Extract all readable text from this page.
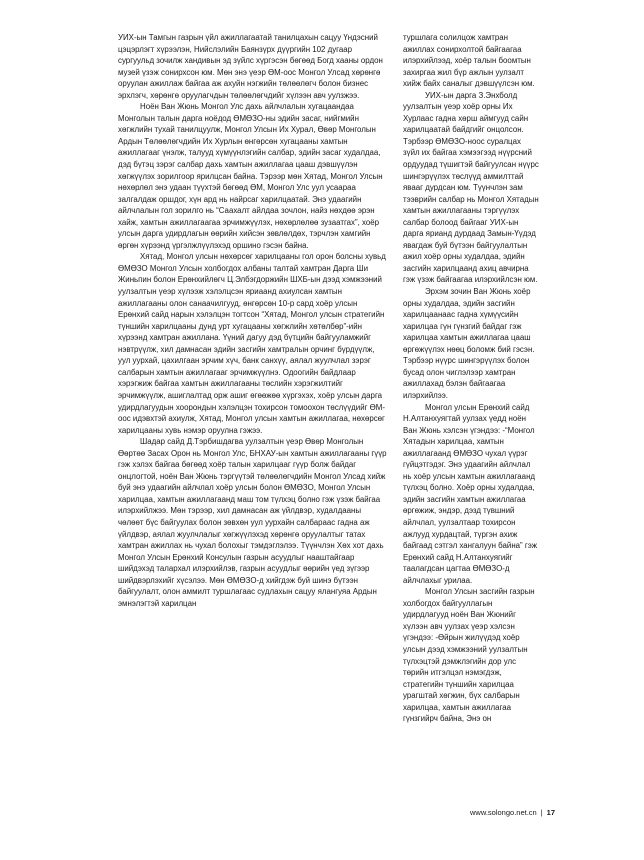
УИХ-ын Тамгын газрын үйл ажиллагаатай танилцахын сацуу Үндэсний цэцэрлэгт хүрээлэн, Нийслэлийн Баянзүрх дүүргийн 102 дугаар сургуульд зочилж хандивын эд зүйлс хүргэсэн бөгөөд Богд хааны ордон музей үзэж сонирхсон юм. Мөн энэ үеэр ӨМ-оос Монгол Улсад хөрөнгө оруулан ажиллаж байгаа аж ахуйн нэгжийн төлөөлөгч болон бизнес эрхлэгч, хөрөнгө оруулагчдын төлөөлөгчдийг хүлээн авч уулзжээ.

Ноён Ван Жюнь Монгол Улс дахь айлчлалын хугацаандаа Монголын талын дарга ноёдод ӨМӨЗО-ны эдийн засаг, нийгмийн хөгжлийн тухай танилцуулж, Монгол Улсын Их Хурал, Өвөр Монголын Ардын Төлөөлөгчдийн Их Хурлын өнгөрсөн хугацааны хамтын ажиллагааг үнэлж, талууд хүмүүнлэгийн салбар, эдийн засаг худалдаа, дэд бүтэц зэрэг салбар дахь хамтын ажиллагаа цааш дэвшүүлэн хөгжүүлэх зорилгоор ярилцсан байна. Тэрээр мөн Хятад, Монгол Улсын нөхөрлөл энэ удаан түүхтэй бөгөөд ӨМ, Монгол Улс уул усаараа залгалдаж оршдог, хүн ард нь найрсаг харилцаатай. Энэ удаагийн айлчлалын гол зорилго нь “Саахалт айлдаа зочлон, найз нөхдөө эрэн хайж, хамтын ажиллагаагаа эрчимжүүлэх, нөхөрлөлөө зузаатгах”, хоёр улсын дарга удирдлагын өөрийн хийсэн зөвлөлдөх, тэрчлэн хамгийн өргөн хүрээнд үргэлжлүүлэхэд оршино гэсэн байна.

Хятад, Монгол улсын нөхөрсөг харилцааны гол орон болсны хувьд ӨМӨЗО Монгол Улсын холбогдох албаны талтай хамтран Дарга Ши Жиньпин болон Ерөнхийлөгч Ц.Элбэгдоржийн ШХБ-ын дээд хэмжээний уулзалтын үеэр хүлээж хэлэлцсэн яриаанд ахиулсан хамтын ажиллагааны олон санаачилгууд, өнгөрсөн 10-р сард хоёр улсын Ерөнхий сайд нарын хэлэлцэн тогтсон “Хятад, Монгол улсын стратегийн түншийн харилцааны дунд урт хугацааны хөгжлийн хөтөлбөр”-ийн хүрээнд хамтран ажиллана. Үүний дагуу дэд бүтцийн байгууламжийг нэвтрүүлж, хил дамнасан эдийн засгийн хамтралын орчинг бүрдүүлж, уул уурхай, цахилгаан эрчим хүч, банк санхүү, аялал жуулчлал зэрэг салбарын хамтын ажиллагааг эрчимжүүлнэ. Одоогийн байдлаар хэрэгжиж байгаа хамтын ажиллагааны төслийн хэрэгжилтийг эрчимжүүлж, ашиглалтад орж ашиг өгөөжөө хүргэхэх, хоёр улсын дарга удирдлагуудын хоорондын хэлэлцэн тохирсон томоохон төслүүдийг ӨМ-оос идэвхтэй ахиулж, Хятад, Монгол улсын хамтын ажиллагаа, нөхөрсөг харилцааны хувь нэмэр оруулна гэжээ.

Шадар сайд Д.Тэрбишдагва уулзалтын үеэр Өвөр Монголын Өөртөө Засах Орон нь Монгол Улс, БНХАУ-ын хамтын ажиллагааны гүүр гэж хэлэх байгаа бөгөөд хоёр талын харилцааг гүүр болж байдаг онцлогтой, ноён Ван Жюнь тэргүүтэй төлөөлөгчдийн Монгол Улсад хийж буй энэ удаагийн айлчлал хоёр улсын болон ӨМӨЗО, Монгол Улсын харилцаа, хамтын ажиллагаанд маш том түлхэц болно гэж үзэж байгаа илэрхийлжээ. Мөн тэрээр, хил дамнасан аж үйлдвэр, худалдааны чөлөөт бүс байгуулах болон зөвхөн уул уурхайн салбараас гадна аж үйлдвэр, аялал жуулчлалыг хөгжүүлэхэд хөрөнгө оруулалтыг татах хамтран ажиллах нь чухал болохыг тэмдэглэлээ. Түүнчлэн Хөх хот дахь Монгол Улсын Ерөнхий Консулын газрын асуудлыг нааштайгаар шийдэхэд талархал илэрхийлэв, газрын асуудлыг өөрийн үед зүгээр шийдвэрлэхийг хүсэлээ. Мөн ӨМӨЗО-д хийгдэж буй шинэ бүтээн байгуулалт, олон аммилт туршлагаас судлахын сацуу ялангуяа Ардын эмнэлэгтэй харилцан

туршлага солилцож хамтран ажиллах сонирхолтой байгаагаа илэрхийлээд, хоёр талын боомтын захиргаа жил бүр ажлын уулзалт хийж байх саналыг дэвшүүлсэн юм.

УИХ-ын дарга З.Энхболд уулзалтын үеэр хоёр орны Их Хурлаас гадна хөрш аймгууд сайн харилцаатай байдгийг онцолсон. Тэрбээр ӨМӨЗО-ноос суралцах зүйл их байгаа хэмээгээд нүүрсний ордуудад түшигтэй байгуулсан нүүрс шингэрүүлэх төслүүд аммилттай явааг дурдсан юм. Түүнчлэн зам тээврийн салбар нь Монгол Хятадын хамтын ажиллагааны тэргүүлэх салбар болоод байгааг УИХ-ын дарга ярианд дурдаад Замын-Үүдэд явагдаж буй бүтээн байгуулалтын ажил хоёр орны худалдаа, эдийн засгийн харилцаанд ахиц авчирна гэж үзэж байгаагаа илэрхийлсэн юм.

Эрхэм зочин Ван Жюнь хоёр орны худалдаа, эдийн засгийн харилцаанаас гадна хүмүүсийн харилцаа гүн гүнзгий байдаг гэж харилцаа хамтын ажиллагаа цааш өргөжүүлэх нөөц боломж бий гэсэн. Тэрбээр нүүрс шингэрүүлэх болон бусад олон чиглэлээр хамтран ажиллахад бэлэн байгаагаа илэрхийлээ.

Монгол улсын Ерөнхий сайд Н.Алтанхуягтай уулзах үедд ноён Ван Жюнь хэлсэн үгэндээ: -“Монгол Хятадын харилцаа, хамтын ажиллагаанд ӨМӨЗО чухал үүрэг гүйцэтгэдэг. Энэ удаагийн айлчлал нь хоёр улсын хамтын ажиллагаанд түлхэц болно. Хоёр орны худалдаа, эдийн засгийн хамтын ажиллагаа өргөжиж, эндэр, дэзд түвшний айлчлал, уулзалтаар тохирсон ажлууд хурдацтай, түргэн ахиж байгаад сэтгэл хангалуун байна” гэж Ерөнхий сайд Н.Алтанхуягийг таалагдсан цагтаа ӨМӨЗО-д айлчлахыг урилаа.

Монгол Улсын засгийн газрын холбогдох байгууллагын удирдлагууд ноён Ван Жюнийг хүлээн авч уулзах үеэр хэлсэн үгэндээ: -Өйрын жилүүдэд хоёр улсын дээд хэмжээний уулзалтын түлхэцтэй дэмжлэгийн дор улс төрийн итгэлцэл нэмэгдэж, стратегийн түншийн харилцаа урагштай хөгжин, бүх салбарын харилцаа, хамтын ажиллагаа гүнзгийрч байна, Энэ он

www.solongo.net.cn | 17
